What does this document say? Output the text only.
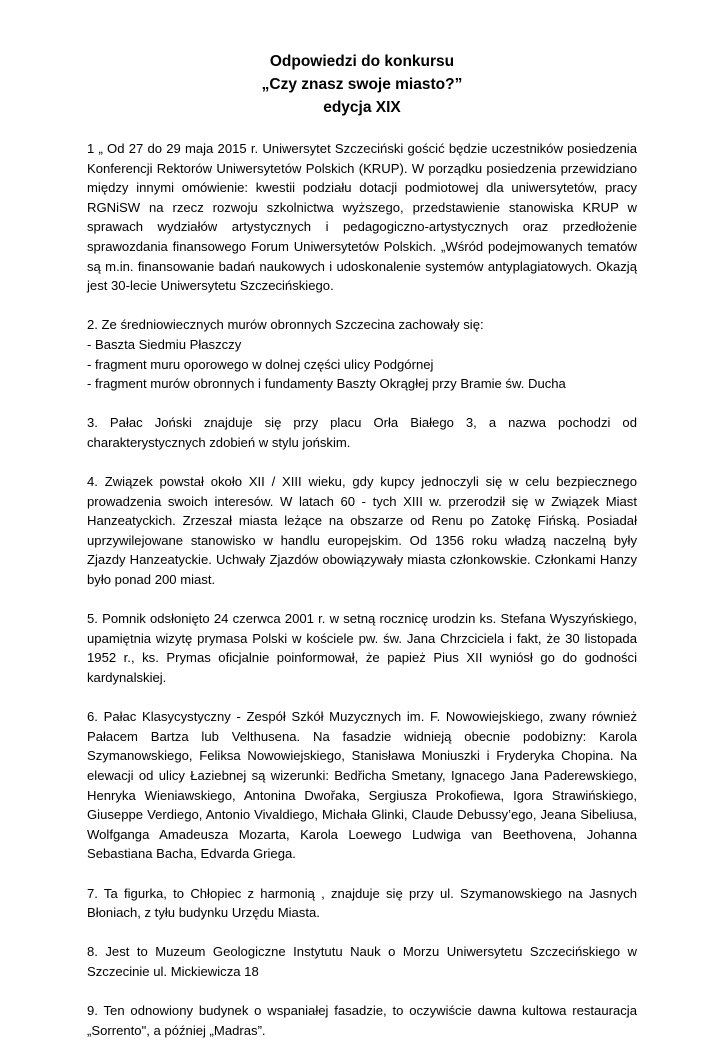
Odpowiedzi do konkursu
„Czy znasz swoje miasto?”
edycja XIX

1 „ Od 27 do 29 maja 2015 r. Uniwersytet Szczeciński gościć będzie uczestników posiedzenia Konferencji Rektorów Uniwersytetów Polskich (KRUP). W porządku posiedzenia przewidziano między innymi omówienie: kwestii podziału dotacji podmiotowej dla uniwersytetów, pracy RGNiSW na rzecz rozwoju szkolnictwa wyższego, przedstawienie stanowiska KRUP w sprawach wydziałów artystycznych i pedagogiczno-artystycznych oraz przedłożenie sprawozdania finansowego Forum Uniwersytetów Polskich. „Wśród podejmowanych tematów są m.in. finansowanie badań naukowych i udoskonalenie systemów antyplagiatowych. Okazją jest 30-lecie Uniwersytetu Szczecińskiego.

2. Ze średniowiecznych murów obronnych Szczecina zachowały się:

- Baszta Siedmiu Płaszczy
- fragment muru oporowego w dolnej części ulicy Podgórnej
- fragment murów obronnych i fundamenty Baszty Okrągłej przy Bramie św. Ducha

3. Pałac Joński znajduje się przy placu Orła Białego 3, a nazwa pochodzi od charakterystycznych zdobień w stylu jońskim.

4. Związek powstał około XII / XIII wieku, gdy kupcy jednoczyli się w celu bezpiecznego prowadzenia swoich interesów. W latach 60 - tych XIII w. przerodził się w Związek Miast Hanzeatyckich. Zrzeszał miasta leżące na obszarze od Renu po Zatokę Fińską. Posiadał uprzywilejowane stanowisko w handlu europejskim. Od 1356 roku władzą naczelną były Zjazdy Hanzeatyckie. Uchwały Zjazdów obowiązywały miasta członkowskie. Członkami Hanzy było ponad 200 miast.

5. Pomnik odsłonięto 24 czerwca 2001 r. w setną rocznicę urodzin ks. Stefana Wyszyńskiego, upamiętnia wizytę prymasa Polski w kościele pw. św. Jana Chrzciciela i fakt, że 30 listopada 1952 r., ks. Prymas oficjalnie poinformował, że papież Pius XII wyniósł go do godności kardynalskiej.

6. Pałac Klasycystyczny - Zespół Szkół Muzycznych im. F. Nowowiejskiego, zwany również Pałacem Bartza lub Velthusena. Na fasadzie widnieją obecnie podobizny: Karola Szymanowskiego, Feliksa Nowowiejskiego, Stanisława Moniuszki i Fryderyka Chopina. Na elewacji od ulicy Łaziebnej są wizerunki: Bedřicha Smetany, Ignacego Jana Paderewskiego, Henryka Wieniawskiego, Antonina Dwořaka, Sergiusza Prokofiewa, Igora Strawińskiego, Giuseppe Verdiego, Antonio Vivaldiego, Michała Glinki, Claude Debussy’ego, Jeana Sibeliusa, Wolfganga Amadeusza Mozarta, Karola Loewego Ludwiga van Beethovena, Johanna Sebastiana Bacha, Edvarda Griega.

7. Ta figurka, to Chłopiec z harmonią , znajduje się przy ul. Szymanowskiego na Jasnych Błoniach, z tyłu budynku Urzędu Miasta.

8. Jest to Muzeum Geologiczne Instytutu Nauk o Morzu Uniwersytetu Szczecińskiego w Szczecinie ul. Mickiewicza 18

9. Ten odnowiony budynek o wspaniałej fasadzie, to oczywiście dawna kultowa restauracja „Sorrento", a później „Madras”.
